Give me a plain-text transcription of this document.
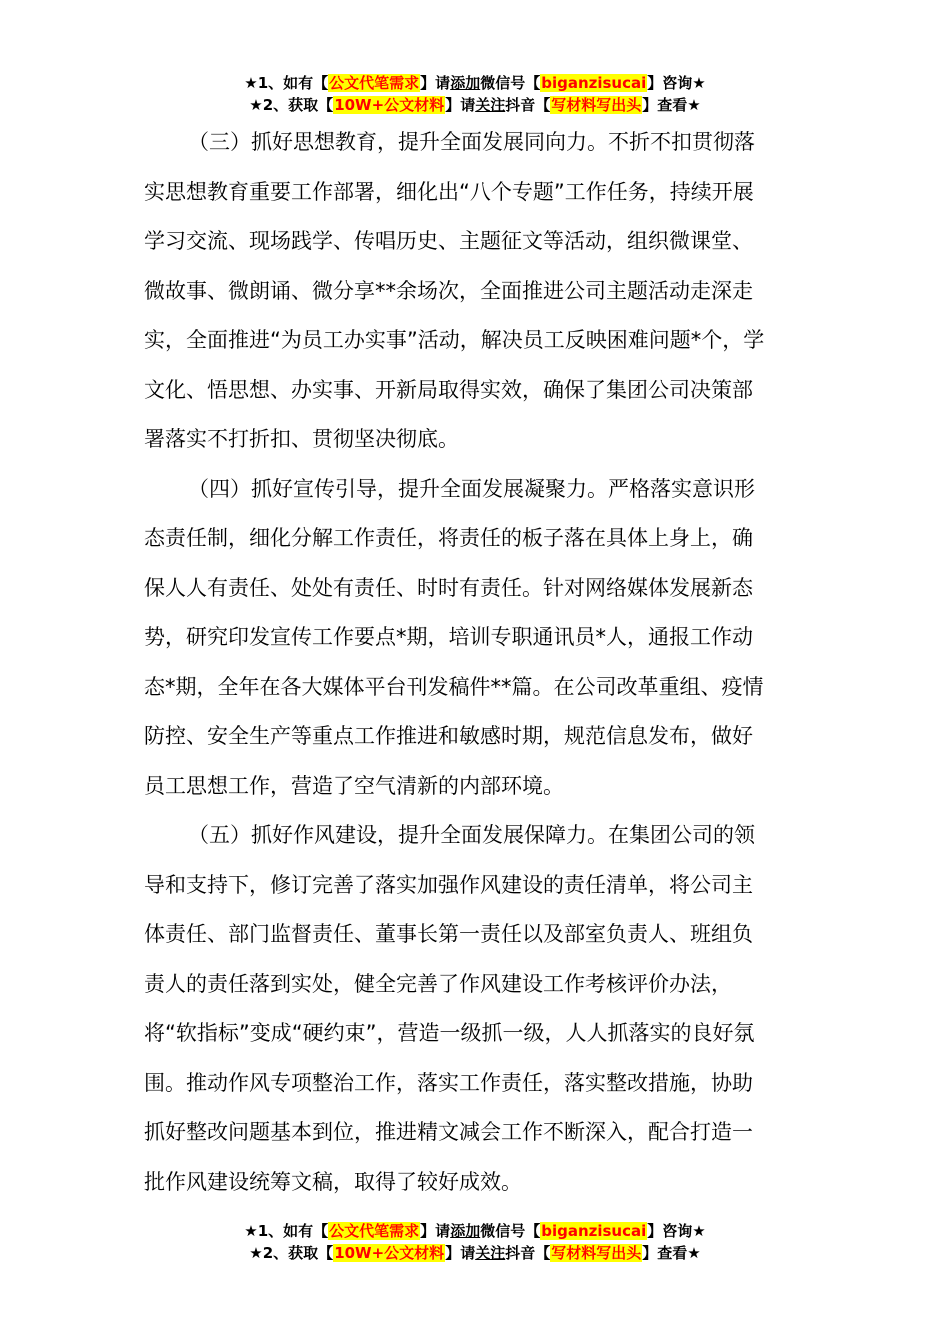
★1、如有【公文代笔需求】请添加微信号【biganzisucai】咨询★
★2、获取【10W+公文材料】请关注抖音【写材料写出头】查看★

（三）抓好思想教育，提升全面发展同向力。不折不扣贯彻落
实思想教育重要工作部署，细化出“八个专题”工作任务，持续开展
学习交流、现场践学、传唱历史、主题征文等活动，组织微课堂、
微故事、微朗诵、微分享**余场次，全面推进公司主题活动走深走
实，全面推进“为员工办实事”活动，解决员工反映困难问题*个，学
文化、悟思想、办实事、开新局取得实效，确保了集团公司决策部
署落实不打折扣、贯彻坚决彻底。

（四）抓好宣传引导，提升全面发展凝聚力。严格落实意识形
态责任制，细化分解工作责任，将责任的板子落在具体上身上，确
保人人有责任、处处有责任、时时有责任。针对网络媒体发展新态
势，研究印发宣传工作要点*期，培训专职通讯员*人，通报工作动
态*期，全年在各大媒体平台刊发稿件**篇。在公司改革重组、疫情
防控、安全生产等重点工作推进和敏感时期，规范信息发布，做好
员工思想工作，营造了空气清新的内部环境。

（五）抓好作风建设，提升全面发展保障力。在集团公司的领
导和支持下，修订完善了落实加强作风建设的责任清单，将公司主
体责任、部门监督责任、董事长第一责任以及部室负责人、班组负
责人的责任落到实处，健全完善了作风建设工作考核评价办法，
将“软指标”变成“硬约束”，营造一级抓一级，人人抓落实的良好氛
围。推动作风专项整治工作，落实工作责任，落实整改措施，协助
抓好整改问题基本到位，推进精文减会工作不断深入，配合打造一
批作风建设统筹文稿，取得了较好成效。

★1、如有【公文代笔需求】请添加微信号【biganzisucai】咨询★
★2、获取【10W+公文材料】请关注抖音【写材料写出头】查看★
